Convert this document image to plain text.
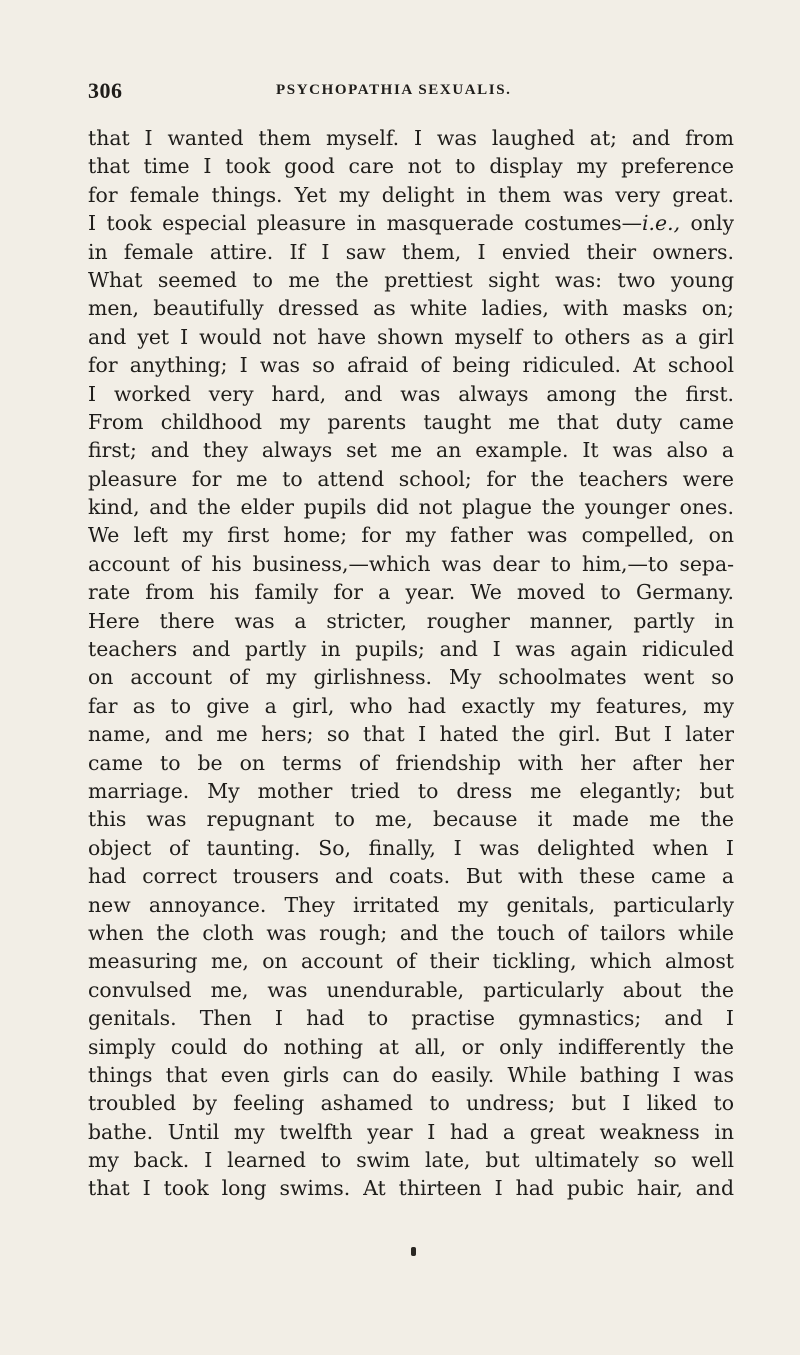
306	PSYCHOPATHIA SEXUALIS.
that I wanted them myself. I was laughed at; and from
that time I took good care not to display my preference
for female things. Yet my delight in them was very great.
I took especial pleasure in masquerade costumes—i.e., only
in female attire. If I saw them, I envied their owners.
What seemed to me the prettiest sight was: two young
men, beautifully dressed as white ladies, with masks on;
and yet I would not have shown myself to others as a girl
for anything; I was so afraid of being ridiculed. At school
I worked very hard, and was always among the first.
From childhood my parents taught me that duty came
first; and they always set me an example. It was also a
pleasure for me to attend school; for the teachers were
kind, and the elder pupils did not plague the younger ones.
We left my first home; for my father was compelled, on
account of his business,—which was dear to him,—to sepa-
rate from his family for a year. We moved to Germany.
Here there was a stricter, rougher manner, partly in
teachers and partly in pupils; and I was again ridiculed
on account of my girlishness. My schoolmates went so
far as to give a girl, who had exactly my features, my
name, and me hers; so that I hated the girl. But I later
came to be on terms of friendship with her after her
marriage. My mother tried to dress me elegantly; but
this was repugnant to me, because it made me the
object of taunting. So, finally, I was delighted when I
had correct trousers and coats. But with these came a
new annoyance. They irritated my genitals, particularly
when the cloth was rough; and the touch of tailors while
measuring me, on account of their tickling, which almost
convulsed me, was unendurable, particularly about the
genitals. Then I had to practise gymnastics; and I
simply could do nothing at all, or only indifferently the
things that even girls can do easily. While bathing I was
troubled by feeling ashamed to undress; but I liked to
bathe. Until my twelfth year I had a great weakness in
my back. I learned to swim late, but ultimately so well
that I took long swims. At thirteen I had pubic hair, and
